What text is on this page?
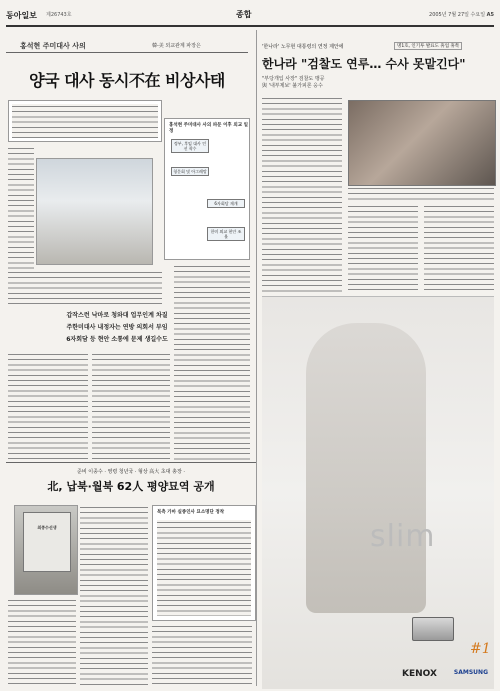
동아일보 제26743호	종합	2005년 7월 27일 수요일 A5
홍석현 주미대사 사의	韓-美 외교관계 파장은
양국 대사 동시不在 비상사태
홍석현 주미대사 사의 파문 이후 외교 일정
정부, 후임 대사 인선 착수
청문회 및 아그레망
6자회담 재개
한미 외교 현안 조율
갑작스런 낙마로 청와대 업무인계 차질
주한미대사 내정자는 연방 의회서 부임
6자회담 등 현안 소통에 문제 생길수도
명1호, 인기투 발표도 휴업 휴쪽
'한나라' 노무현 대통령의 연정 제안에
한나라 "검찰도 연루… 수사 못맡긴다"
"부당개입 사장" 검찰도 맹공
與 '내부제보' 불가피론 응수
slim
#1
KENOX	SAMSUNG
준비 이종수 · 영령 청년국 · 형상 高大 초대 총장 ·
北, 납북·월북 62人 평양묘역 공개
최종수선생
북측 가마 실종인사 묘소명단 정착
